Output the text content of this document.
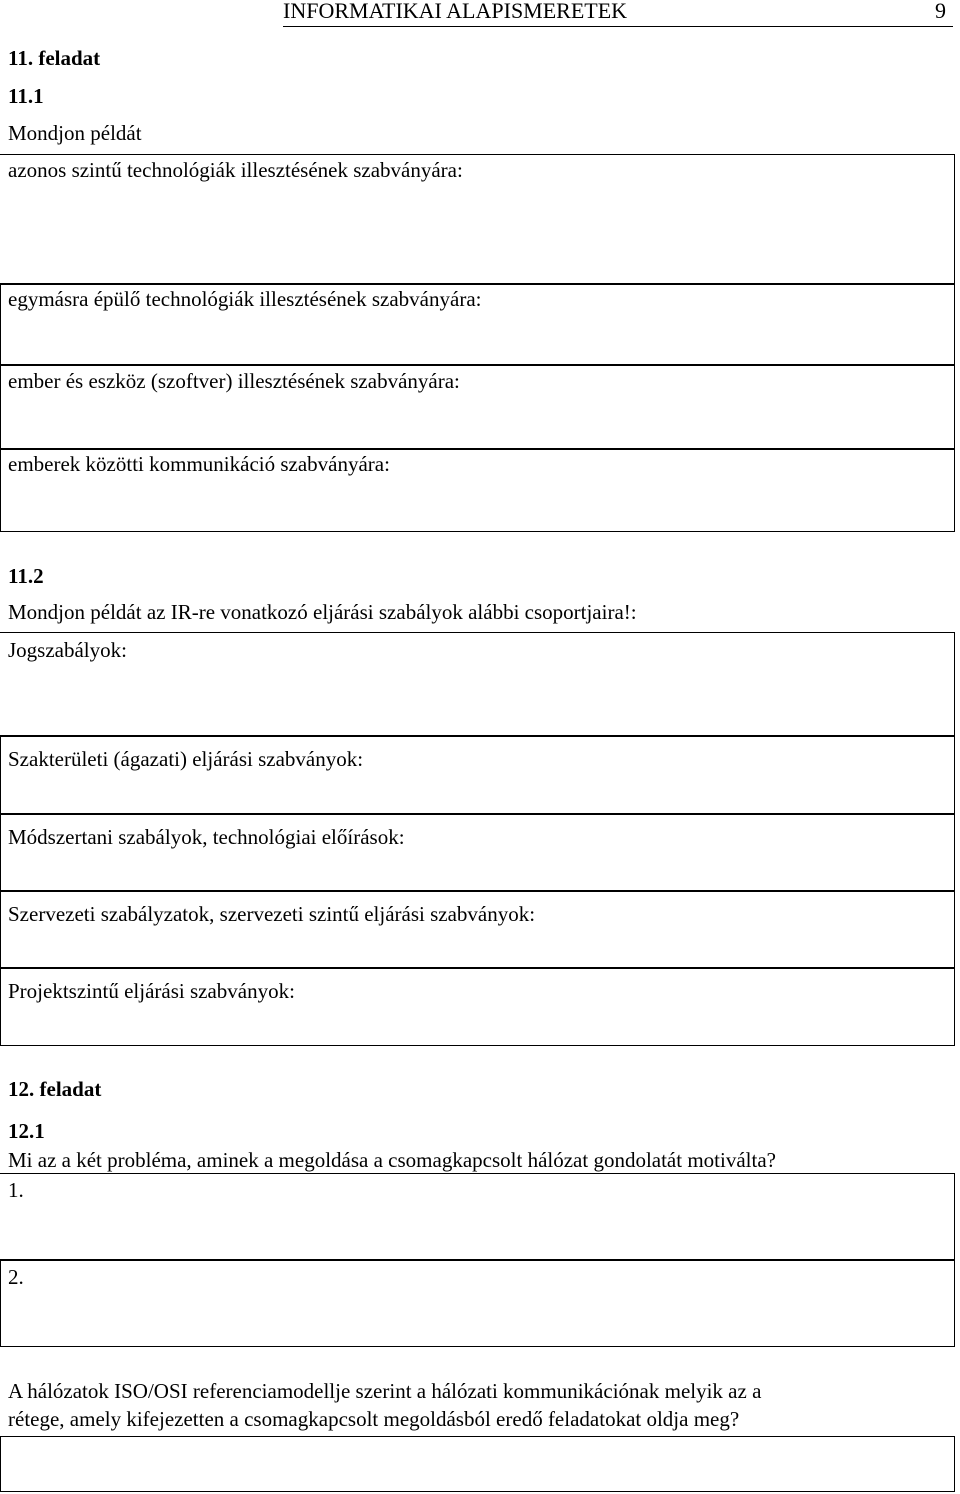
INFORMATIKAI ALAPISMERETEK	9
11. feladat
11.1
Mondjon példát
azonos szintű technológiák illesztésének szabványára:
egymásra épülő technológiák illesztésének szabványára:
ember és eszköz (szoftver) illesztésének szabványára:
emberek közötti kommunikáció szabványára:
11.2
Mondjon példát az IR-re vonatkozó eljárási szabályok alábbi csoportjaira!:
Jogszabályok:
Szakterületi (ágazati) eljárási szabványok:
Módszertani szabályok, technológiai előírások:
Szervezeti szabályzatok, szervezeti szintű eljárási szabványok:
Projektszintű eljárási szabványok:
12. feladat
12.1
Mi az a két probléma, aminek a megoldása a csomagkapcsolt hálózat gondolatát motiválta?
1.
2.
A hálózatok ISO/OSI referenciamodellje szerint a hálózati kommunikációnak melyik az a
rétege, amely kifejezetten a csomagkapcsolt megoldásból eredő feladatokat oldja meg?
